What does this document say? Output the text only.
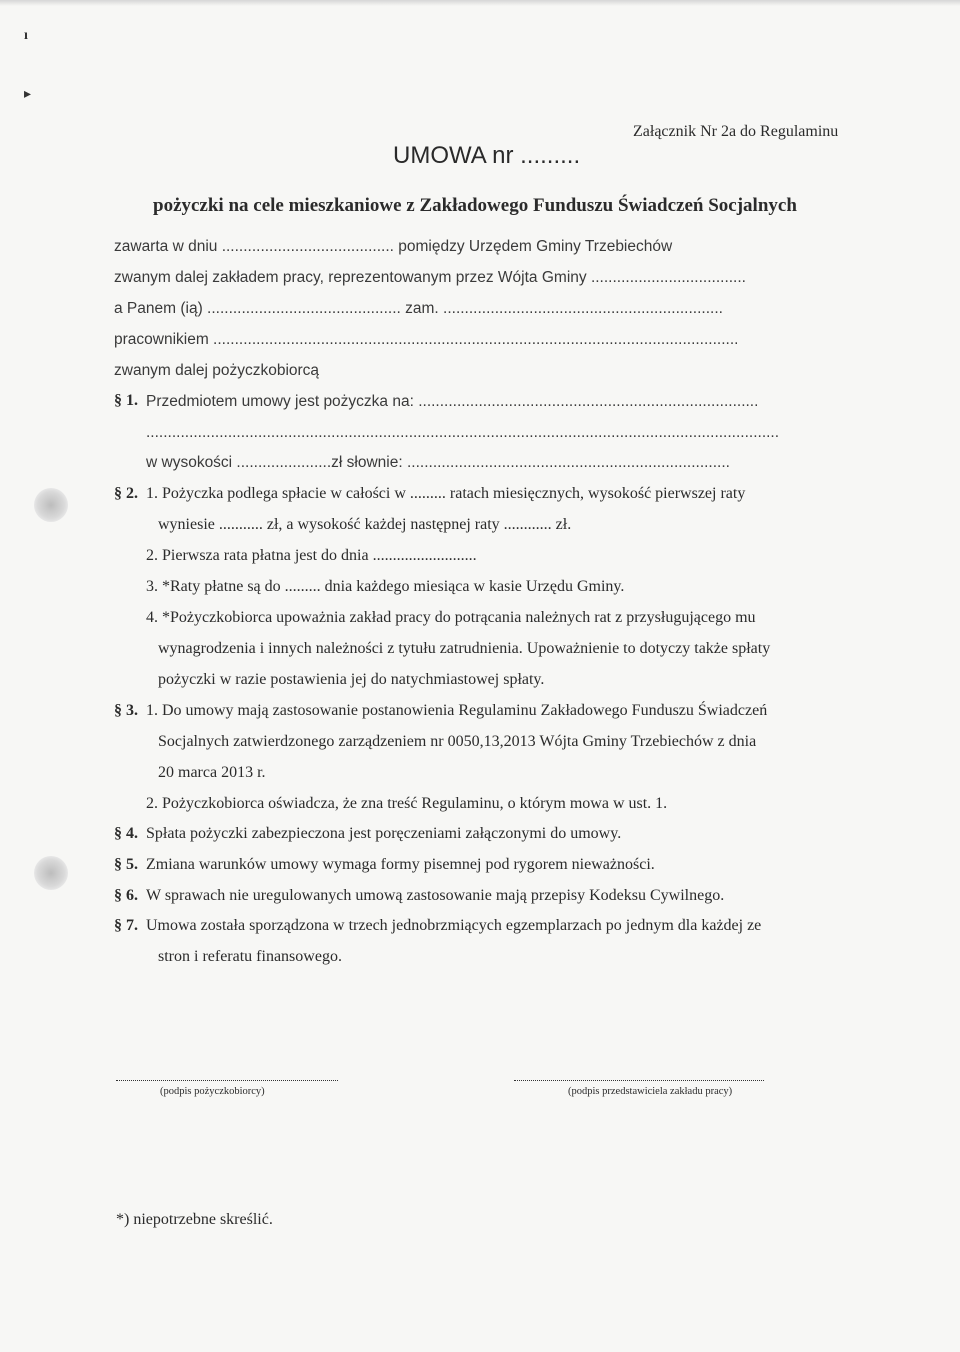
ı
▸
Załącznik Nr 2a do Regulaminu
UMOWA nr .........
pożyczki na cele mieszkaniowe z Zakładowego Funduszu Świadczeń Socjalnych
zawarta w dniu ........................................ pomiędzy Urzędem Gminy Trzebiechów
zwanym dalej zakładem pracy, reprezentowanym przez Wójta Gminy ....................................
a Panem (ią) ............................................. zam. .................................................................
pracownikiem ..........................................................................................................................
zwanym dalej pożyczkobiorcą
§ 1. Przedmiotem umowy jest pożyczka na: ...............................................................................
...................................................................................................................................................
w wysokości ......................zł słownie: ...........................................................................
§ 2. 1. Pożyczka podlega spłacie w całości w ......... ratach miesięcznych, wysokość pierwszej raty
wyniesie ........... zł, a wysokość każdej następnej raty ............ zł.
2. Pierwsza rata płatna jest do dnia ..........................
3. *Raty płatne są do ......... dnia każdego miesiąca w kasie Urzędu Gminy.
4. *Pożyczkobiorca upoważnia zakład pracy do potrącania należnych rat z przysługującego mu
wynagrodzenia i innych należności z tytułu zatrudnienia. Upoważnienie to dotyczy także spłaty
pożyczki w razie postawienia jej do natychmiastowej spłaty.
§ 3. 1. Do umowy mają zastosowanie postanowienia Regulaminu Zakładowego Funduszu Świadczeń
Socjalnych zatwierdzonego zarządzeniem nr 0050,13,2013 Wójta Gminy Trzebiechów z dnia
20 marca 2013 r.
2. Pożyczkobiorca oświadcza, że zna treść Regulaminu, o którym mowa w ust. 1.
§ 4. Spłata pożyczki zabezpieczona jest poręczeniami załączonymi do umowy.
§ 5. Zmiana warunków umowy wymaga formy pisemnej pod rygorem nieważności.
§ 6. W sprawach nie uregulowanych umową zastosowanie mają przepisy Kodeksu Cywilnego.
§ 7. Umowa została sporządzona w trzech jednobrzmiących egzemplarzach po jednym dla każdej ze
stron i referatu finansowego.
(podpis pożyczkobiorcy)	(podpis przedstawiciela zakładu pracy)
*) niepotrzebne skreślić.
